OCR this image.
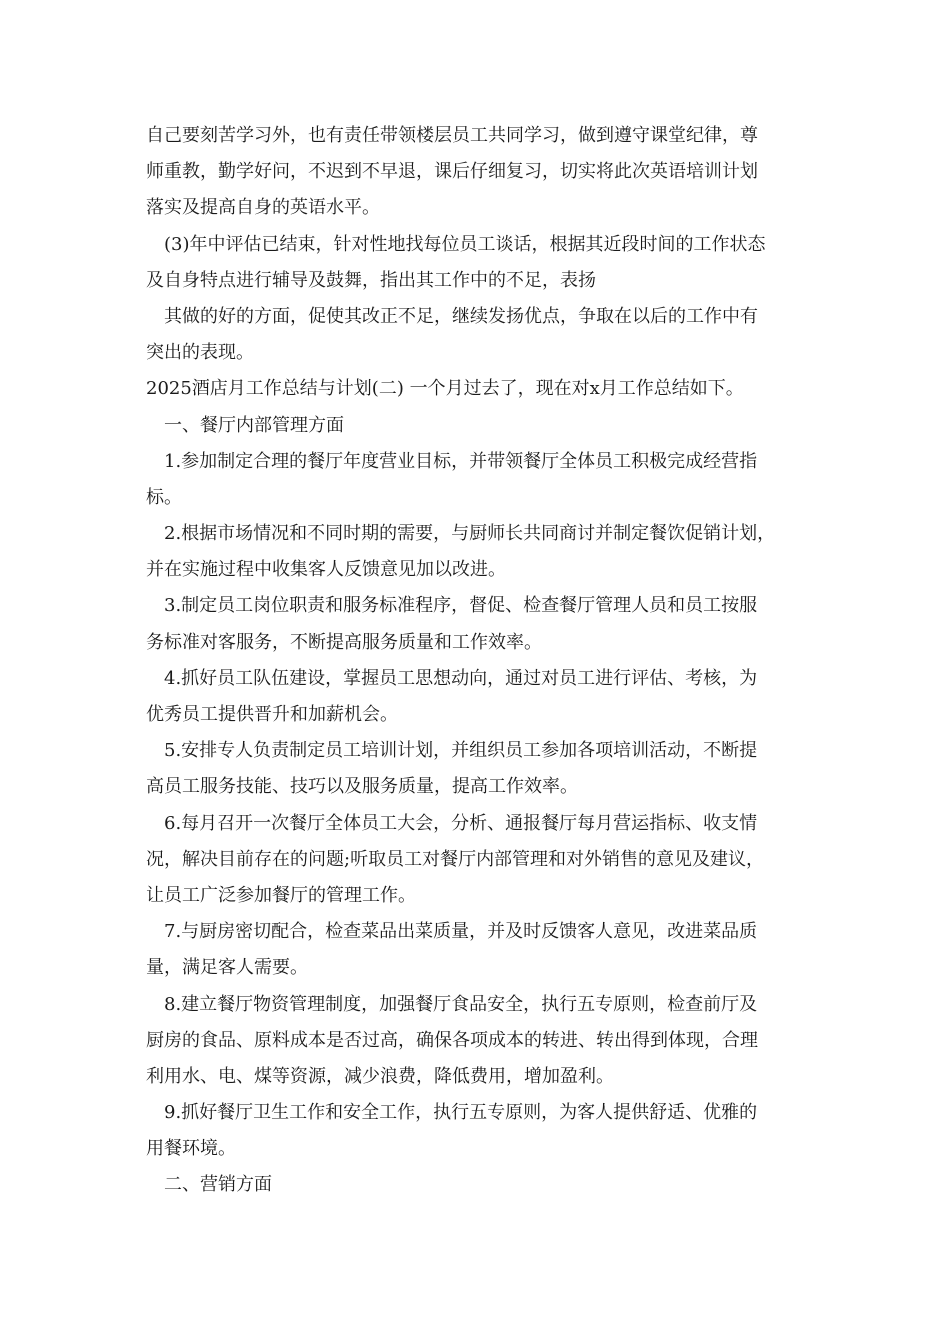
自己要刻苦学习外，也有责任带领楼层员工共同学习，做到遵守课堂纪律，尊
师重教，勤学好问，不迟到不早退，课后仔细复习，切实将此次英语培训计划
落实及提高自身的英语水平。
(3)年中评估已结束，针对性地找每位员工谈话，根据其近段时间的工作状态
及自身特点进行辅导及鼓舞，指出其工作中的不足，表扬
其做的好的方面，促使其改正不足，继续发扬优点，争取在以后的工作中有
突出的表现。
2025酒店月工作总结与计划(二) 一个月过去了，现在对x月工作总结如下。
一、餐厅内部管理方面
1.参加制定合理的餐厅年度营业目标，并带领餐厅全体员工积极完成经营指
标。
2.根据市场情况和不同时期的需要，与厨师长共同商讨并制定餐饮促销计划，
并在实施过程中收集客人反馈意见加以改进。
3.制定员工岗位职责和服务标准程序，督促、检查餐厅管理人员和员工按服
务标准对客服务，不断提高服务质量和工作效率。
4.抓好员工队伍建设，掌握员工思想动向，通过对员工进行评估、考核，为
优秀员工提供晋升和加薪机会。
5.安排专人负责制定员工培训计划，并组织员工参加各项培训活动，不断提
高员工服务技能、技巧以及服务质量，提高工作效率。
6.每月召开一次餐厅全体员工大会，分析、通报餐厅每月营运指标、收支情
况，解决目前存在的问题;听取员工对餐厅内部管理和对外销售的意见及建议，
让员工广泛参加餐厅的管理工作。
7.与厨房密切配合，检查菜品出菜质量，并及时反馈客人意见，改进菜品质
量，满足客人需要。
8.建立餐厅物资管理制度，加强餐厅食品安全，执行五专原则，检查前厅及
厨房的食品、原料成本是否过高，确保各项成本的转进、转出得到体现，合理
利用水、电、煤等资源，减少浪费，降低费用，增加盈利。
9.抓好餐厅卫生工作和安全工作，执行五专原则，为客人提供舒适、优雅的
用餐环境。
二、营销方面
